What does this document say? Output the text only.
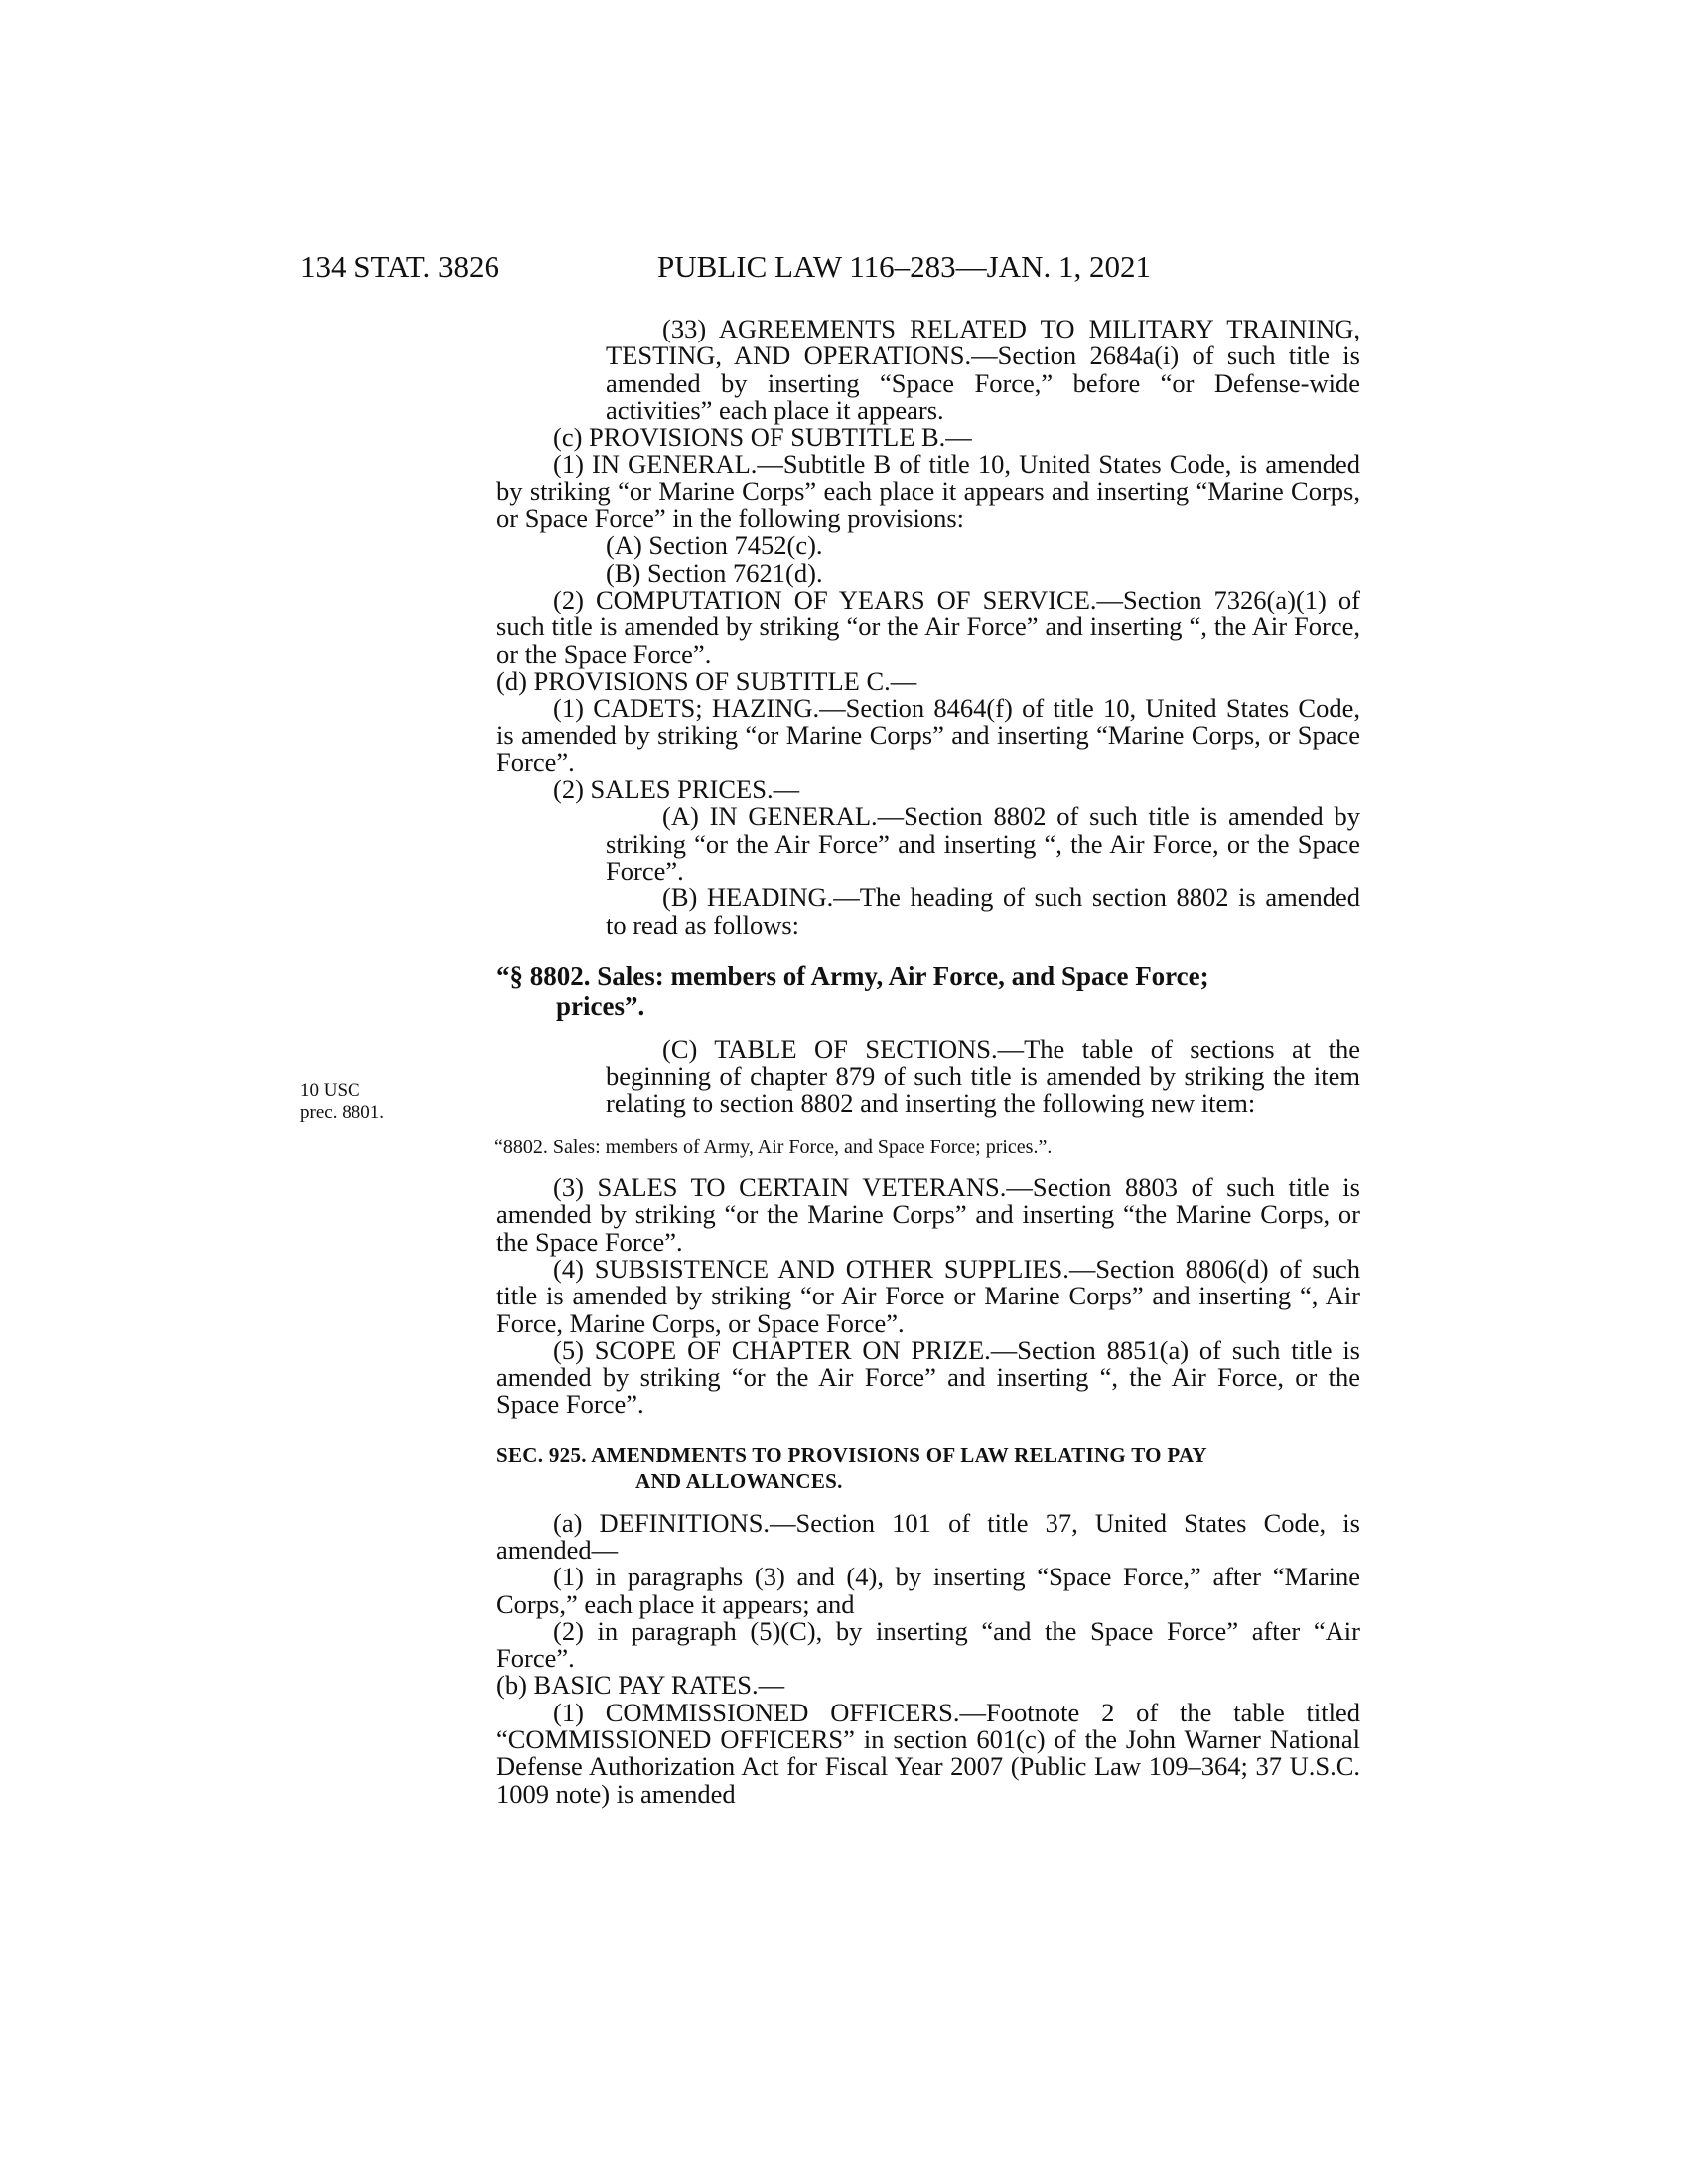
134 STAT. 3826	PUBLIC LAW 116–283—JAN. 1, 2021
10 USC
prec. 8801.

(33) AGREEMENTS RELATED TO MILITARY TRAINING, TESTING, AND OPERATIONS.—Section 2684a(i) of such title is amended by inserting “Space Force,” before “or Defense-wide activities” each place it appears.

(c) PROVISIONS OF SUBTITLE B.—

(1) IN GENERAL.—Subtitle B of title 10, United States Code, is amended by striking “or Marine Corps” each place it appears and inserting “Marine Corps, or Space Force” in the following provisions:

(A) Section 7452(c).

(B) Section 7621(d).

(2) COMPUTATION OF YEARS OF SERVICE.—Section 7326(a)(1) of such title is amended by striking “or the Air Force” and inserting “, the Air Force, or the Space Force”.

(d) PROVISIONS OF SUBTITLE C.—

(1) CADETS; HAZING.—Section 8464(f) of title 10, United States Code, is amended by striking “or Marine Corps” and inserting “Marine Corps, or Space Force”.

(2) SALES PRICES.—

(A) IN GENERAL.—Section 8802 of such title is amended by striking “or the Air Force” and inserting “, the Air Force, or the Space Force”.

(B) HEADING.—The heading of such section 8802 is amended to read as follows:

“§ 8802. Sales: members of Army, Air Force, and Space Force;
prices”.

(C) TABLE OF SECTIONS.—The table of sections at the beginning of chapter 879 of such title is amended by striking the item relating to section 8802 and inserting the following new item:

“8802. Sales: members of Army, Air Force, and Space Force; prices.”.

(3) SALES TO CERTAIN VETERANS.—Section 8803 of such title is amended by striking “or the Marine Corps” and inserting “the Marine Corps, or the Space Force”.

(4) SUBSISTENCE AND OTHER SUPPLIES.—Section 8806(d) of such title is amended by striking “or Air Force or Marine Corps” and inserting “, Air Force, Marine Corps, or Space Force”.

(5) SCOPE OF CHAPTER ON PRIZE.—Section 8851(a) of such title is amended by striking “or the Air Force” and inserting “, the Air Force, or the Space Force”.

SEC. 925. AMENDMENTS TO PROVISIONS OF LAW RELATING TO PAY
AND ALLOWANCES.

(a) DEFINITIONS.—Section 101 of title 37, United States Code, is amended—

(1) in paragraphs (3) and (4), by inserting “Space Force,” after “Marine Corps,” each place it appears; and

(2) in paragraph (5)(C), by inserting “and the Space Force” after “Air Force”.

(b) BASIC PAY RATES.—

(1) COMMISSIONED OFFICERS.—Footnote 2 of the table titled “COMMISSIONED OFFICERS” in section 601(c) of the John Warner National Defense Authorization Act for Fiscal Year 2007 (Public Law 109–364; 37 U.S.C. 1009 note) is amended
